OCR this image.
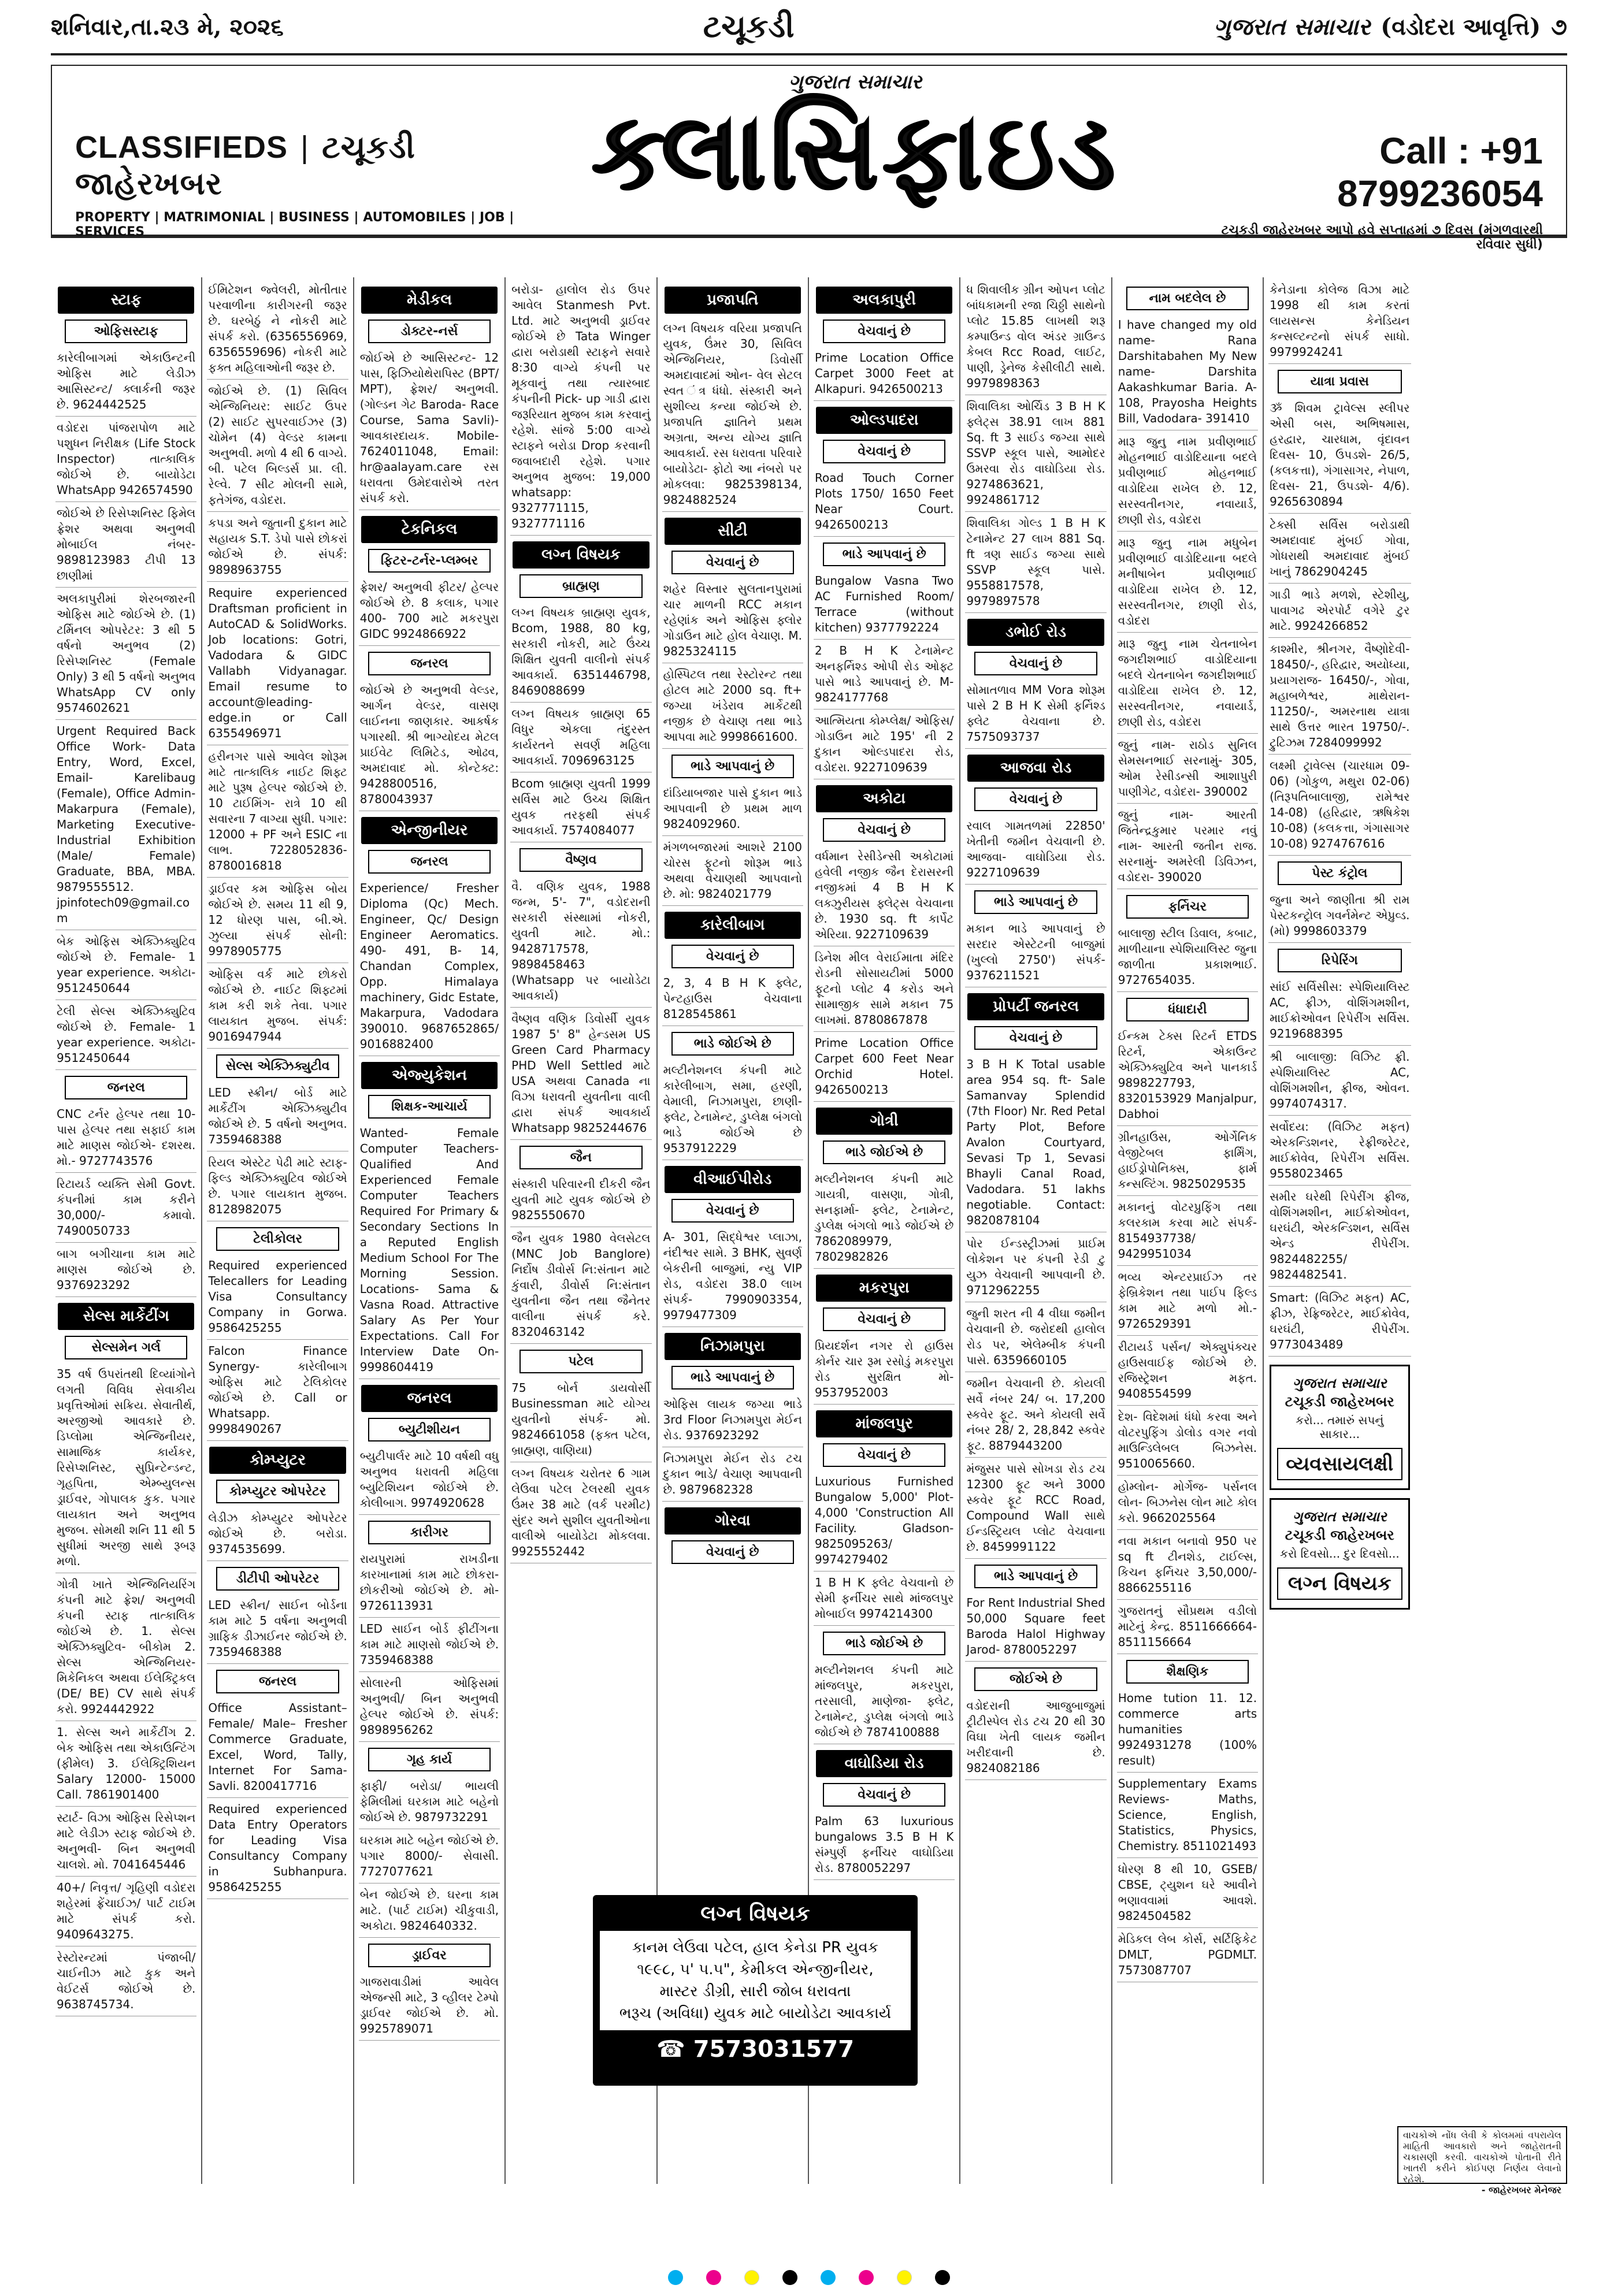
શનિવાર,તા.૨૩ મે, ૨૦૨૬	ટચૂકડી	ગુજરાત સમાચાર (વડોદરા આવૃત્તિ) ૭
CLASSIFIEDS | ટચૂકડી જાહેરખબર
PROPERTY | MATRIMONIAL | BUSINESS | AUTOMOBILES | JOB | SERVICES
ગુજરાત સમાચાર
ક્લાસિફાઇડ	Call : +91 8799236054
ટચૂકડી જાહેરખબર આપો હવે સપ્તાહમાં ૭ દિવસ (મંગળવારથી રવિવાર સુધી)
સ્ટાફ
ઓફિસસ્ટાફ
કારેલીબાગમાં એકાઉન્ટની ઓફિસ માટે લેડીઝ આસિસ્ટન્ટ/ ક્લાર્કની જરૂર છે. 9624442525
વડોદરા પાંજરાપોળ માટે પશુધન નિરીક્ષક (Life Stock Inspector) તાત્કાલિક જોઈએ છે. બાયોડેટા WhatsApp 9426574590
જોઈએ છે રિસેપ્શનિસ્ટ ફિમેલ ફ્રેશર અથવા અનુભવી મોબાઈલ નંબર- 9898123983 ટીપી 13 છાણીમાં
અલકાપુરીમાં શેરબજારની ઓફિસ માટે જોઈએ છે. (1) ટર્મિનલ ઓપરેટર: 3 થી 5 વર્ષનો અનુભવ (2) રિસેપ્શનિસ્ટ (Female Only) 3 થી 5 વર્ષનો અનુભવ WhatsApp CV only 9574602621
Urgent Required Back Office Work- Data Entry, Word, Excel, Email- Karelibaug (Female), Office Admin- Makarpura (Female), Marketing Executive- Industrial Exhibition (Male/ Female) Graduate, BBA, MBA. 9879555512. jpinfotech09@gmail.com
બેક ઓફિસ એક્ઝિક્યુટિવ જોઈએ છે. Female- 1 year experience. અકોટા- 9512450644
ટેલી સેલ્સ એક્ઝિક્યુટિવ જોઈએ છે. Female- 1 year experience. અકોટા- 9512450644
જનરલ
CNC ટર્નર હેલ્પર તથા 10-પાસ હેલ્પર તથા સફાઈ કામ માટે માણસ જોઈએ- દશરથ. મો.- 9727743576
રિટાયર્ડ વ્યક્તિ સેમી Govt. કંપનીમાં કામ કરીને 30,000/- કમાવો. 7490050733
બાગ બગીચાના કામ માટે માણસ જોઈએ છે. 9376923292
સેલ્સ માર્કેટીંગ
સેલ્સમેન ગર્લ
35 વર્ષ ઉપરાંતથી દિવ્યાંગોને લગતી વિવિધ સેવાકીય પ્રવૃત્તિઓમાં સક્રિય. સેવાતીર્થ, અરજીઓ આવકારે છે. ડિપ્લોમા એન્જિનીયર, સામાજિક કાર્યકર, રિસેપ્શનિસ્ટ, સુપ્રિન્ટેન્ડન્ટ, ગૃહપિતા, એમ્બ્યુલન્સ ડ્રાઈવર, ગોપાલક કુક. પગાર લાયકાત અને અનુભવ મુજબ. સોમથી શનિ 11 થી 5 સુધીમાં અરજી સાથે રૂબરૂ મળો.
ગોત્રી ખાતે એન્જિનિયરિંગ કંપની માટે ફ્રેશ/ અનુભવી કંપની સ્ટાફ તાત્કાલિક જોઈએ છે. 1. સેલ્સ એક્ઝિક્યુટિવ- બીકોમ 2. સેલ્સ એન્જિનિયર- મિકેનિકલ અથવા ઈલેક્ટ્રિકલ (DE/ BE) CV સાથે સંપર્ક કરો. 9924442922
1. સેલ્સ અને માર્કેટીંગ 2. બેક ઓફિસ તથા એકાઉન્ટિંગ (ફીમેલ) 3. ઈલેક્ટ્રિશિયન Salary 12000- 15000 Call. 7861901400
સ્ટાર્ટ- વિઝા ઓફિસ રિસેપ્શન માટે લેડીઝ સ્ટાફ જોઈએ છે. અનુભવી- બિન અનુભવી ચાલશે. મો. 7041645446
40+/ નિવૃત્ત/ ગૃહિણી વડોદરા શહેરમાં ફ્રેંચાઈઝ/ પાર્ટ ટાઈમ માટે સંપર્ક કરો. 9409643275.
રેસ્ટોરન્ટમાં પંજાબી/ ચાઈનીઝ માટે કુક અને વેઈટર્સ જોઈએ છે. 9638745734.
ઈમિટેશન જ્વેલરી, મોતીતાર પરવાળીના કારીગરની જરૂર છે. ઘરબેઠું ને નોકરી માટે સંપર્ક કરો. (6356556969, 6356559696) નોકરી માટે ફક્ત મહિલાઓની જરૂર છે.
જોઈએ છે. (1) સિવિલ એન્જિનિયર: સાઈટ ઉપર (2) સાઈટ સુપરવાઈઝર (3) ચોમેન (4) વેલ્ડર કામના અનુભવી. મળો 4 થી 6 વાગ્યે. બી. પટેલ બિલ્ડર્સ પ્રા. લી. રેલ્વે. 7 સીટ મોલની સામે, ફતેગંજ, વડોદરા.
કપડા અને જુતાની દુકાન માટે સહાયક S.T. ડેપો પાસે છોકરાં જોઈએ છે. સંપર્ક: 9898963755
Require experienced Draftsman proficient in AutoCAD & SolidWorks. Job locations: Gotri, Vadodara & GIDC Vallabh Vidyanagar. Email resume to account@leading-edge.in or Call 6355496971
હરીનગર પાસે આવેલ શોરૂમ માટે તાત્કાલિક નાઈટ શિફ્ટ માટે પુરૂષ હેલ્પર જોઈએ છે. 10 ટાઈમિંગ- રાત્રે 10 થી સવારના 7 વાગ્યા સુધી. પગાર: 12000 + PF અને ESIC ના લાભ. 7228052836- 8780016818
ડ્રાઈવર કમ ઓફિસ બોય જોઈએ છે. સમય 11 થી 9, 12 ધોરણ પાસ, બી.એ. ઝુલ્યા સંપર્ક સોની: 9978905775
ઓફિસ વર્ક માટે છોકરો જોઈએ છે. નાઈટ શિફ્ટમાં કામ કરી શકે તેવા. પગાર લાયકાત મુજબ. સંપર્ક: 9016947944
સેલ્સ એક્ઝિક્યુટીવ
LED સ્ક્રીન/ બોર્ડ માટે માર્કેટીંગ એક્ઝિક્યુટીવ જોઈએ છે. 5 વર્ષનો અનુભવ. 7359468388
રિયલ એસ્ટેટ પેઢી માટે સ્ટાફ- ફિલ્ડ એક્ઝિક્યુટિવ જોઈએ છે. પગાર લાયકાત મુજબ. 8128982075
ટેલીકોલર
Required experienced Telecallers for Leading Visa Consultancy Company in Gorwa. 9586425255
Falcon Finance Synergy- કારેલીબાગ ઓફિસ માટે ટેલિકોલર જોઈએ છે. Call or Whatsapp. 9998490267
કોમ્પ્યુટર
કોમ્પ્યુટર ઓપરેટર
લેડીઝ કોમ્પ્યુટર ઓપરેટર જોઈએ છે. બરોડા. 9374535699.
ડીટીપી ઓપરેટર
LED સ્ક્રીન/ સાઈન બોર્ડના કામ માટે 5 વર્ષના અનુભવી ગ્રાફિક ડીઝાઈનર જોઈએ છે. 7359468388
જનરલ
Office Assistant– Female/ Male– Fresher Commerce Graduate, Excel, Word, Tally, Internet For Sama- Savli. 8200417716
Required experienced Data Entry Operators for Leading Visa Consultancy Company in Subhanpura. 9586425255
મેડીકલ
ડોક્ટર-નર્સ
જોઈએ છે આસિસ્ટન્ટ- 12 પાસ, ફિઝિયોથેરાપિસ્ટ (BPT/ MPT), ફ્રેશર/ અનુભવી. (ગોલ્ડન ગેટ Baroda- Race Course, Sama Savli)- આવકારદાયક. Mobile- 7624011048, Email: hr@aalayam.care રસ ધરાવતા ઉમેદવારોએ તરત સંપર્ક કરો.
ટેકનિકલ
ફિટર-ટર્નર-પ્લમ્બર
ફ્રેશર/ અનુભવી ફીટર/ હેલ્પર જોઈએ છે. 8 કલાક, પગાર 400- 700 માટે મકરપુરા GIDC 9924866922
જનરલ
જોઈએ છે અનુભવી વેલ્ડર, આર્ગન વેલ્ડર, વાસણ લાઈનના જાણકાર. આકર્ષક પગારથી. શ્રી ભાગ્યોદય મેટલ પ્રાઈવેટ લિમિટેડ, ઓઢવ, અમદાવાદ મો. કોન્ટેક્ટ: 9428800516, 8780043937
એન્જીનીયર
જનરલ
Experience/ Fresher Diploma (Qc) Mech. Engineer, Qc/ Design Engineer Aeromatics. 490- 491, B- 14, Chandan Complex, Opp. Himalaya machinery, Gidc Estate, Makarpura, Vadodara 390010. 9687652865/ 9016882400
એજ્યુકેશન
શિક્ષક-આચાર્ય
Wanted- Female Computer Teachers- Qualified And Experienced Female Computer Teachers Required For Primary & Secondary Sections In a Reputed English Medium School For The Morning Session. Locations- Sama & Vasna Road. Attractive Salary As Per Your Expectations. Call For Interview Date On- 9998604419
જનરલ
બ્યુટીશીયન
બ્યુટીપાર્લર માટે 10 વર્ષથી વધુ અનુભવ ધરાવતી મહિલા બ્યુટિશિયન જોઈએ છે. કોલીબાગ. 9974920628
કારીગર
રાયપુરામાં રાખડીના કારખાનામાં કામ માટે છોકરા- છોકરીઓ જોઈએ છે. મો- 9726113931
LED સાઈન બોર્ડ ફીટીંગના કામ માટે માણસો જોઈએ છે. 7359468388
સોલારની ઓફિસમાં અનુભવી/ બિન અનુભવી હેલ્પર જોઈએ છે. સંપર્ક: 9898956262
ગૃહ કાર્ય
ફાફી/ બરોડા/ ભાયલી ફેમિલીમાં ઘરકામ માટે બહેનો જોઈએ છે. 9879732291
ઘરકામ માટે બહેન જોઈએ છે. પગાર 8000/- સેવાસી. 7727077621
બેન જોઈએ છે. ઘરના કામ માટે. (પાર્ટ ટાઈમ) ચીકુવાડી, અકોટા. 9824640332.
ડ્રાઈવર
ગાજરાવાડીમાં આવેલ એજન્સી માટે, 3 વ્હીલર ટેમ્પો ડ્રાઈવર જોઈએ છે. મો. 9925789071
બરોડા- હાલોલ રોડ ઉપર આવેલ Stanmesh Pvt. Ltd. માટે અનુભવી ડ્રાઈવર જોઈએ છે Tata Winger દ્વારા બરોડાથી સ્ટાફને સવારે 8:30 વાગ્યે કંપની પર મૂકવાનું તથા ત્યારબાદ કંપનીની Pick- up ગાડી દ્વારા જરૂરિયાત મુજબ કામ કરવાનું રહેશે. સાંજે 5:00 વાગ્યે સ્ટાફને બરોડા Drop કરવાની જવાબદારી રહેશે. પગાર અનુભવ મુજબ: 19,000 whatsapp: 9327771115, 9327771116
લગ્ન વિષયક
બ્રાહ્મણ
લગ્ન વિષયક બ્રાહ્મણ યુવક, Bcom, 1988, 80 kg, સરકારી નોકરી, માટે ઉંચ્ચ શિક્ષિત યુવતી વાલીનો સંપર્ક આવકાર્ય. 6351446798, 8469088699
લગ્ન વિષયક બ્રાહ્મણ 65 વિધુર એકલા તંદુરસ્ત કાર્યરતને સવર્ણ મહિલા આવકાર્ય. 7096963125
Bcom બ્રાહ્મણ યુવતી 1999 સર્વિસ માટે ઉચ્ચ શિક્ષિત યુવક તરફથી સંપર્ક આવકાર્ય. 7574084077
વૈષ્ણવ
વૈ. વણિક યુવક, 1988 જન્મ, 5'- 7", વડોદરાની સરકારી સંસ્થામાં નોકરી, યુવતી માટે. મો.: 9428717578, 9898458463 (Whatsapp પર બાયોડેટા આવકાર્ય)
વૈષ્ણવ વણિક ડિવોર્સી યુવક 1987 5' 8" હેન્ડસમ US Green Card Pharmacy PHD Well Settled માટે USA અથવા Canada ના વિઝા ધરાવતી યુવતીના વાલી દ્વારા સંપર્ક આવકાર્ય Whatsapp 9825244676
જૈન
સંસ્કારી પરિવારની દીકરી જૈન યુવતી માટે યુવક જોઈએ છે 9825550670
જૈન યુવક 1980 વેલસેટલ (MNC Job Banglore) નિર્દોષ ડીવોર્સ નિ:સંતાન માટે કુંવારી, ડીવોર્સ નિ:સંતાન યુવતીના જૈન તથા જૈનેતર વાલીના સંપર્ક કરે. 8320463142
પટેલ
75 બોર્ન ડાયવોર્સી Businessman માટે યોગ્ય યુવતીનો સંપર્ક- મો. 9824661058 (ફક્ત પટેલ, બ્રાહ્મણ, વાણિયા)
લગ્ન વિષયક ચરોતર 6 ગામ લેઉવા પટેલ ટેલરથી યુવક ઉંમર 38 માટે (વર્ક પરમીટ) સુંદર અને સુશીલ યુવતીઓના વાલીએ બાયોડેટા મોકલવા. 9925552442
પ્રજાપતિ
લગ્ન વિષયક વરિયા પ્રજાપતિ યુવક, ઉંમર 30, સિવિલ એન્જિનિયર, ડિવોર્સી અમદાવાદમાં ઓન- વેલ સેટલ સ્વત ંત્ર ધંધો. સંસ્કારી અને સુશીલ્ય કન્યા જોઈએ છે. પ્રજાપતિ જ્ઞાતિને પ્રથમ અગ્રતા, અન્ય યોગ્ય જ્ઞાતિ આવકાર્ય. રસ ધરાવતા પરિવારે બાયોડેટા- ફોટો આ નંબરો પર મોકલવા: 9825398134, 9824882524
સીટી
વેચવાનું છે
શહેર વિસ્તાર સુલતાનપુરામાં ચાર માળની RCC મકાન રહેણાંક અને ઓફિસ ફ્લોર ગોડાઉન માટે હોલ વેચાણ. M. 9825324115
હોસ્પિટલ તથા રેસ્ટોરન્ટ તથા હોટલ માટે 2000 sq. ft+ જગ્યા ખંડેરાવ માર્કેટથી નજીક છે વેચાણ તથા ભાડે આપવા માટે 9998661600.
ભાડે આપવાનું છે
દાંડિયાબજાર પાસે દુકાન ભાડે આપવાની છે પ્રથમ માળ 9824092960.
મંગળબજારમાં આશરે 2100 ચોરસ ફૂટનો શોરૂમ ભાડે અથવા વેચાણથી આપવાનો છે. મો: 9824021779
કારેલીબાગ
વેચવાનું છે
2, 3, 4 B H K ફ્લેટ, પેન્ટહાઉસ વેચવાના 8128545861
ભાડે જોઈએ છે
મલ્ટીનેશનલ કંપની માટે કારેલીબાગ, સમા, હરણી, વેમાલી, નિઝામપુરા, છાણી- ફ્લેટ, ટેનામેન્ટ, ડુપ્લેક્ષ બંગલો ભાડે જોઈએ છે 9537912229
વીઆઈપીરોડ
વેચવાનું છે
A- 301, સિદ્ધેશ્વર પ્લાઝા, નંદીશ્વર સામે. 3 BHK, સુવર્ણ બેકરીની બાજુમાં, ન્યુ VIP રોડ, વડોદરા 38.0 લાખ સંપર્ક- 7990903354, 9979477309
નિઝામપુરા
ભાડે આપવાનું છે
ઓફિસ લાયક જગ્યા ભાડે 3rd Floor નિઝામપુરા મેઈન રોડ. 9376923292
નિઝામપુરા મેઈન રોડ ટચ દુકાન ભાડે/ વેચાણ આપવાની છે. 9879682328
ગોરવા
વેચવાનું છે
અલકાપુરી
વેચવાનું છે
Prime Location Office Carpet 3000 Feet at Alkapuri. 9426500213
ઓલ્ડપાદરા
વેચવાનું છે
Road Touch Corner Plots 1750/ 1650 Feet Near Court. 9426500213
ભાડે આપવાનું છે
Bungalow Vasna Two AC Furnished Room/ Terrace (without kitchen) 9377792224
2 B H K ટેનામેન્ટ અનફર્નિશ્ડ ઓપી રોડ ઓફ્ટ પાસે ભાડે આપવાનું છે. M- 9824177768
આત્મિયતા કોમ્પ્લેક્ષ/ ઓફિસ/ ગોડાઉન માટે 195' ની 2 દુકાન ઓલ્ડપાદરા રોડ, વડોદરા. 9227109639
અકોટા
વેચવાનું છે
વર્ધમાન રેસીડેન્સી અકોટામાં હવેલી નજીક જૈન દેરાસરની નજીકમાં 4 B H K લક્ઝુરીયસ ફ્લેટ્સ વેચવાના છે. 1930 sq. ft કાર્પેટ એરિયા. 9227109639
ડિનેશ મીલ વેરાઈમાતા મંદિર રોડની સોસાયટીમાં 5000 ફૂટનો પ્લોટ 4 કરોડ અને સામાજીક સામે મકાન 75 લાખમાં. 8780867878
Prime Location Office Carpet 600 Feet Near Orchid Hotel. 9426500213
ગોત્રી
ભાડે જોઈએ છે
મલ્ટીનેશનલ કંપની માટે ગાયત્રી, વાસણા, ગોત્રી, સનફાર્મા- ફ્લેટ, ટેનામેન્ટ, ડુપ્લેક્ષ બંગલો ભાડે જોઈએ છે 7862089979, 7802982826
મકરપુરા
વેચવાનું છે
પ્રિયદર્શન નગર રો હાઉસ કોર્નર ચાર રૂમ રસોડું મકરપુરા રોડ સુરક્ષિત મો- 9537952003
માંજલપુર
વેચવાનું છે
Luxurious Furnished Bungalow 5,000' Plot- 4,000 'Construction All Facility. Gladson- 9825095263/ 9974279402
1 B H K ફ્લેટ વેચવાનો છે સેમી ફર્નીચર સાથે માંજલપુર મોબાઈલ 9974214300
ભાડે જોઈએ છે
મલ્ટીનેશનલ કંપની માટે માંજલપુર, મકરપુરા, તરસાલી, માણેજા- ફ્લેટ, ટેનામેન્ટ, ડુપ્લેક્ષ બંગલો ભાડે જોઈએ છે 7874100888
વાઘોડિયા રોડ
વેચવાનું છે
Palm 63 luxurious bungalows 3.5 B H K સંમ્પુર્ણ ફર્નીચર વાઘોડિયા રોડ. 8780052297
ધ શિવાલીક ગ્રીન ઓપન પ્લોટ બાંધકામની રજા ચિઠ્ઠી સાથેનો પ્લોટ 15.85 લાખથી શરૂ કમ્પાઉન્ડ વોલ અંડર ગ્રાઉન્ડ કેબલ Rcc Road, લાઈટ, પાણી, ડ્રેનેજ કેસીલીટી સાથે. 9979898363
શિવાલિકા ઓર્ચિડ 3 B H K ફ્લેટ્સ 38.91 લાખ 881 Sq. ft 3 સાઈડ જગ્યા સાથે SSVP સ્કૂલ પાસે, આમોદર ઉમરવા રોડ વાઘોડિયા રોડ. 9274863621, 9924861712
શિવાલિકા ગોલ્ડ 1 B H K ટેનામેન્ટ 27 લાખ 881 Sq. ft ત્રણ સાઈડ જગ્યા સાથે SSVP સ્કૂલ પાસે. 9558817578, 9979897578
ડભોઈ રોડ
વેચવાનું છે
સોમાતળાવ MM Vora શોરૂમ પાસે 2 B H K સેમી ફર્નિશ્ડ ફ્લેટ વેચવાના છે. 7575093737
આજવા રોડ
વેચવાનું છે
રવાલ ગામતળમાં 22850' ખેતીની જમીન વેચવાની છે. આજવા- વાઘોડિયા રોડ. 9227109639
ભાડે આપવાનું છે
મકાન ભાડે આપવાનું છે સરદાર એસ્ટેટની બાજુમાં (ખુલ્લો 2750') સંપર્ક- 9376211521
પ્રોપર્ટી જનરલ
વેચવાનું છે
3 B H K Total usable area 954 sq. ft- Sale Samanvay Splendid (7th Floor) Nr. Red Petal Party Plot, Before Avalon Courtyard, Sevasi Tp 1, Sevasi Bhayli Canal Road, Vadodara. 51 lakhs negotiable. Contact: 9820878104
પોર ઈન્ડસ્ટ્રીઝમાં પ્રાઈમ લોકેશન પર કંપની રેડી ટુ યુઝ વેચવાની આપવાની છે. 9712962255
જુની શરત ની 4 વીઘા જમીન વેચવાની છે. જરોદથી હાલોલ રોડ પર, એલેમ્બીક કંપની પાસે. 6359660105
જમીન વેચવાની છે. કોયલી સર્વે નંબર 24/ બ. 17,200 સ્કવેર ફૂટ. અને કોયલી સર્વે નંબર 28/ 2, 28,842 સ્કવેર ફૂટ. 8879443200
મંજુસર પાસે સોખડા રોડ ટચ 12300 ફૂટ અને 3000 સ્કવેર ફૂટ RCC Road, Compound Wall સાથે ઈન્ડસ્ટ્રિયલ પ્લોટ વેચવાના છે. 8459991122
ભાડે આપવાનું છે
For Rent Industrial Shed 50,000 Square feet Baroda Halol Highway Jarod- 8780052297
જોઈએ છે
વડોદરાની આજુબાજુમાં ટ્રીટીસ્પેલ રોડ ટચ 20 થી 30 વિઘા ખેતી લાયક જમીન ખરીદવાની છે. 9824082186
નામ બદલેલ છે
I have changed my old name- Rana Darshitabahen My New name- Darshita Aakashkumar Baria. A- 108, Prayosha Heights Bill, Vadodara- 391410
મારૂ જુનુ નામ પ્રવીણભાઈ મોહનભાઈ વાડોદિયાના બદલે પ્રવીણભાઈ મોહનભાઈ વાડોદિયા રાખેલ છે. 12, સરસ્વતીનગર, નવાયાર્ડ, છાણી રોડ, વડોદરા
મારૂ જુનુ નામ મધુબેન પ્રવીણભાઈ વાડોદિયાના બદલે મનીષાબેન પ્રવીણભાઈ વાડોદિયા રાખેલ છે. 12, સરસ્વતીનગર, છાણી રોડ, વડોદરા
મારૂ જુનુ નામ ચેતનાબેન જગદીશભાઈ વાડોદિયાના બદલે ચેતનાબેન જગદીશભાઈ વાડોદિયા રાખેલ છે. 12, સરસ્વતીનગર, નવાયાર્ડ, છાણી રોડ, વડોદરા
જુનું નામ- રાઠોડ સુનિલ સેમસનભાઈ સરનામું- 305, ઓમ રેસીડન્સી આશાપુરી પાણીગેટ, વડોદરા- 390002
જુનું નામ- આરતી જિતેન્દ્રકુમાર પરમાર નવું નામ- આરતી જતીન રાજ. સરનામું- અમરેલી ડિવિઝન, વડોદરા- 390020
ફર્નિચર
બાલાજી સ્ટીલ ડિવાલ, કબાટ, માળીયાના સ્પેશિયાલિસ્ટ જુના જાળીતા પ્રકાશભાઈ. 9727654035.
ધંધાદારી
ઈન્કમ ટેક્સ રિટર્ન ETDS રિટર્ન, એકાઉન્ટ એક્ઝિક્યુટિવ અને પાનકાર્ડ 9898227793, 8320153929 Manjalpur, Dabhoi
ગ્રીનહાઉસ, ઓર્ગેનિક વેજીટેબલ ફાર્મિંગ, હાઈડ્રોપોનિક્સ, ફાર્મ કન્સલ્ટિંગ. 9825029535
મકાનનું વોટરપ્રુફિંગ તથા કલરકામ કરવા માટે સંપર્ક- 8154937738/ 9429951034
ભવ્ય એન્ટરપ્રાઈઝ તર ફેબ્રિકેશન તથા પાઈપ ફિલ્ડ કામ માટે મળો મો.- 9726529391
રીટાયર્ડ પર્સન/ એક્યુપંક્ચર હાઉસવાઈફ જોઈએ છે. રજિસ્ટ્રેશન મફત. 9408554599
દેશ- વિદેશમાં ધંધો કરવા અને વોટરપુફિંગ ડોલોડ વગર નવો માઉન્ડિલેબલ બિઝનેસ. 9510065660.
હોમ્લોન- મોર્ગેજ- પર્સનલ લોન- બિઝનેસ લોન માટે કોલ કરો. 9662025564
નવા મકાન બનાવો 950 પર sq ft ટીનશેડ, ટાઈલ્સ, કિચન ફર્નિચર 3,50,000/- 8866255116
ગુજરાતનું સૌપ્રથમ વડીલો માટેનું કેન્દ્ર. 8511666664- 8511156664
શૈક્ષણિક
Home tution 11. 12. commerce arts humanities 9924931278 (100% result)
Supplementary Exams Reviews- Maths, Science, English, Statistics, Physics, Chemistry. 8511021493
ધોરણ 8 થી 10, GSEB/ CBSE, ટ્યુશન ઘરે આવીને ભણાવવામાં આવશે. 9824504582
મેડિકલ લેબ કોર્સ, સર્ટિફિકેટ DMLT, PGDMLT. 7573087707
કેનેડાના કોલેજ વિઝા માટે 1998 થી કામ કરતાં લાયસન્સ કેનેડિયન કન્સલ્ટન્ટનો સંપર્ક સાધો. 9979924241
યાત્રા પ્રવાસ
ૐ શિવમ ટ્રાવેલ્સ સ્લીપર એસી બસ, અભિષમાસ, હરદ્વાર, ચારધામ, વૃંદાવન દિવસ- 10, ઉપડશે- 26/5, (કલકત્તા), ગંગાસાગર, નેપાળ, દિવસ- 21, ઉપડશે- 4/6). 9265630894
ટેક્સી સર્વિસ બરોડાથી અમદાવાદ મુંબઈ ગોવા, ગોધરાથી અમદાવાદ મુંબઈ ખાનું 7862904245
ગાડી ભાડે મળશે, સ્ટેશીયુ, પાવાગઢ એરપોર્ટ વગેરે ટુર માટે. 9924266852
કાશ્મીર, શ્રીનગર, વૈષ્ણોદેવી- 18450/-, હરિદ્વાર, અયોધ્યા, પ્રયાગરાજ- 16450/-, ગોવા, મહાબળેશ્વર, માથેરાન- 11250/-, અમરનાથ યાત્રા સાથે ઉત્તર ભારત 19750/-. ટ્રુટિઝમ 7284099992
લક્ષ્મી ટ્રાવેલ્સ (ચારધામ 09- 06) (ગોકુળ, મથુરા 02-06) (તિરૂપતિબાલાજી, રામેશ્વર 14-08) (હરિદ્વાર, ઋષિકેશ 10-08) (કલકત્તા, ગંગાસાગર 10-08) 9274767616
પેસ્ટ કંટ્રોલ
જુના અને જાણીતા શ્રી રામ પેસ્ટકન્ટ્રોલ ગવર્નમેન્ટ એપ્રુવ્ડ. (મો) 9998603379
રિપેરિંગ
સાંઈ સર્વિસીસ: સ્પેશિયાલિસ્ટ AC, ફ્રીઝ, વોશિંગમશીન, માઈક્રોઓવન રિપેરીંગ સર્વિસ. 9219688395
શ્રી બાલાજી: વિઝિટ ફ્રી. સ્પેશિયાલિસ્ટ AC, વોશિંગમશીન, ફ્રીજ, ઓવન. 9974074317.
સર્વોદય: (વિઝિટ મફત) એરકન્ડિશનર, રેફ્રીજરેટર, માઈક્રોવેવ, રિપેરીંગ સર્વિસ. 9558023465
સમીર ઘરેથી રિપેરીંગ ફ્રીજ, વોશિંગમશીન, માઈક્રોઓવન, ઘરઘંટી, એરકન્ડિશન, સર્વિસ એન્ડ રીપેરીંગ. 9824482255/ 9824482541.
Smart: (વિઝિટ મફત) AC, ફ્રીઝ, રેફ્રિજરેટર, માઈક્રોવેવ, ઘરઘંટી, રીપેરીંગ. 9773043489
ગુજરાત સમાચાર
ટચૂકડી જાહેરખબર
કરો... તમારું સપનું સાકાર...
વ્યવસાયલક્ષી
ગુજરાત સમાચાર
ટચૂકડી જાહેરખબર
કરો દિવસો... દુર દિવસો...
લગ્ન વિષયક
લગ્ન વિષયક
કાનમ લેઉવા પટેલ, હાલ કેનેડા PR યુવક
૧૯૯૮, ૫' ૫.૫", કેમીકલ એન્જીનીયર,
માસ્ટર ડીગ્રી, સારી જોબ ધરાવતા
ભરૂચ (અવિધા) યુવક માટે બાયોડેટા આવકાર્ય
☎ 7573031577
વાચકોએ નોંધ લેવી કે કોલમમાં વપરાયેલ માહિતી આવકારો અને જાહેરાતની ચકાસણી કરવી. વાચકોએ પોતાની રીતે ખાતરી કરીને કોઈપણ નિર્ણય લેવાનો રહેશે.
- જાહેરખબર મેનેજર
